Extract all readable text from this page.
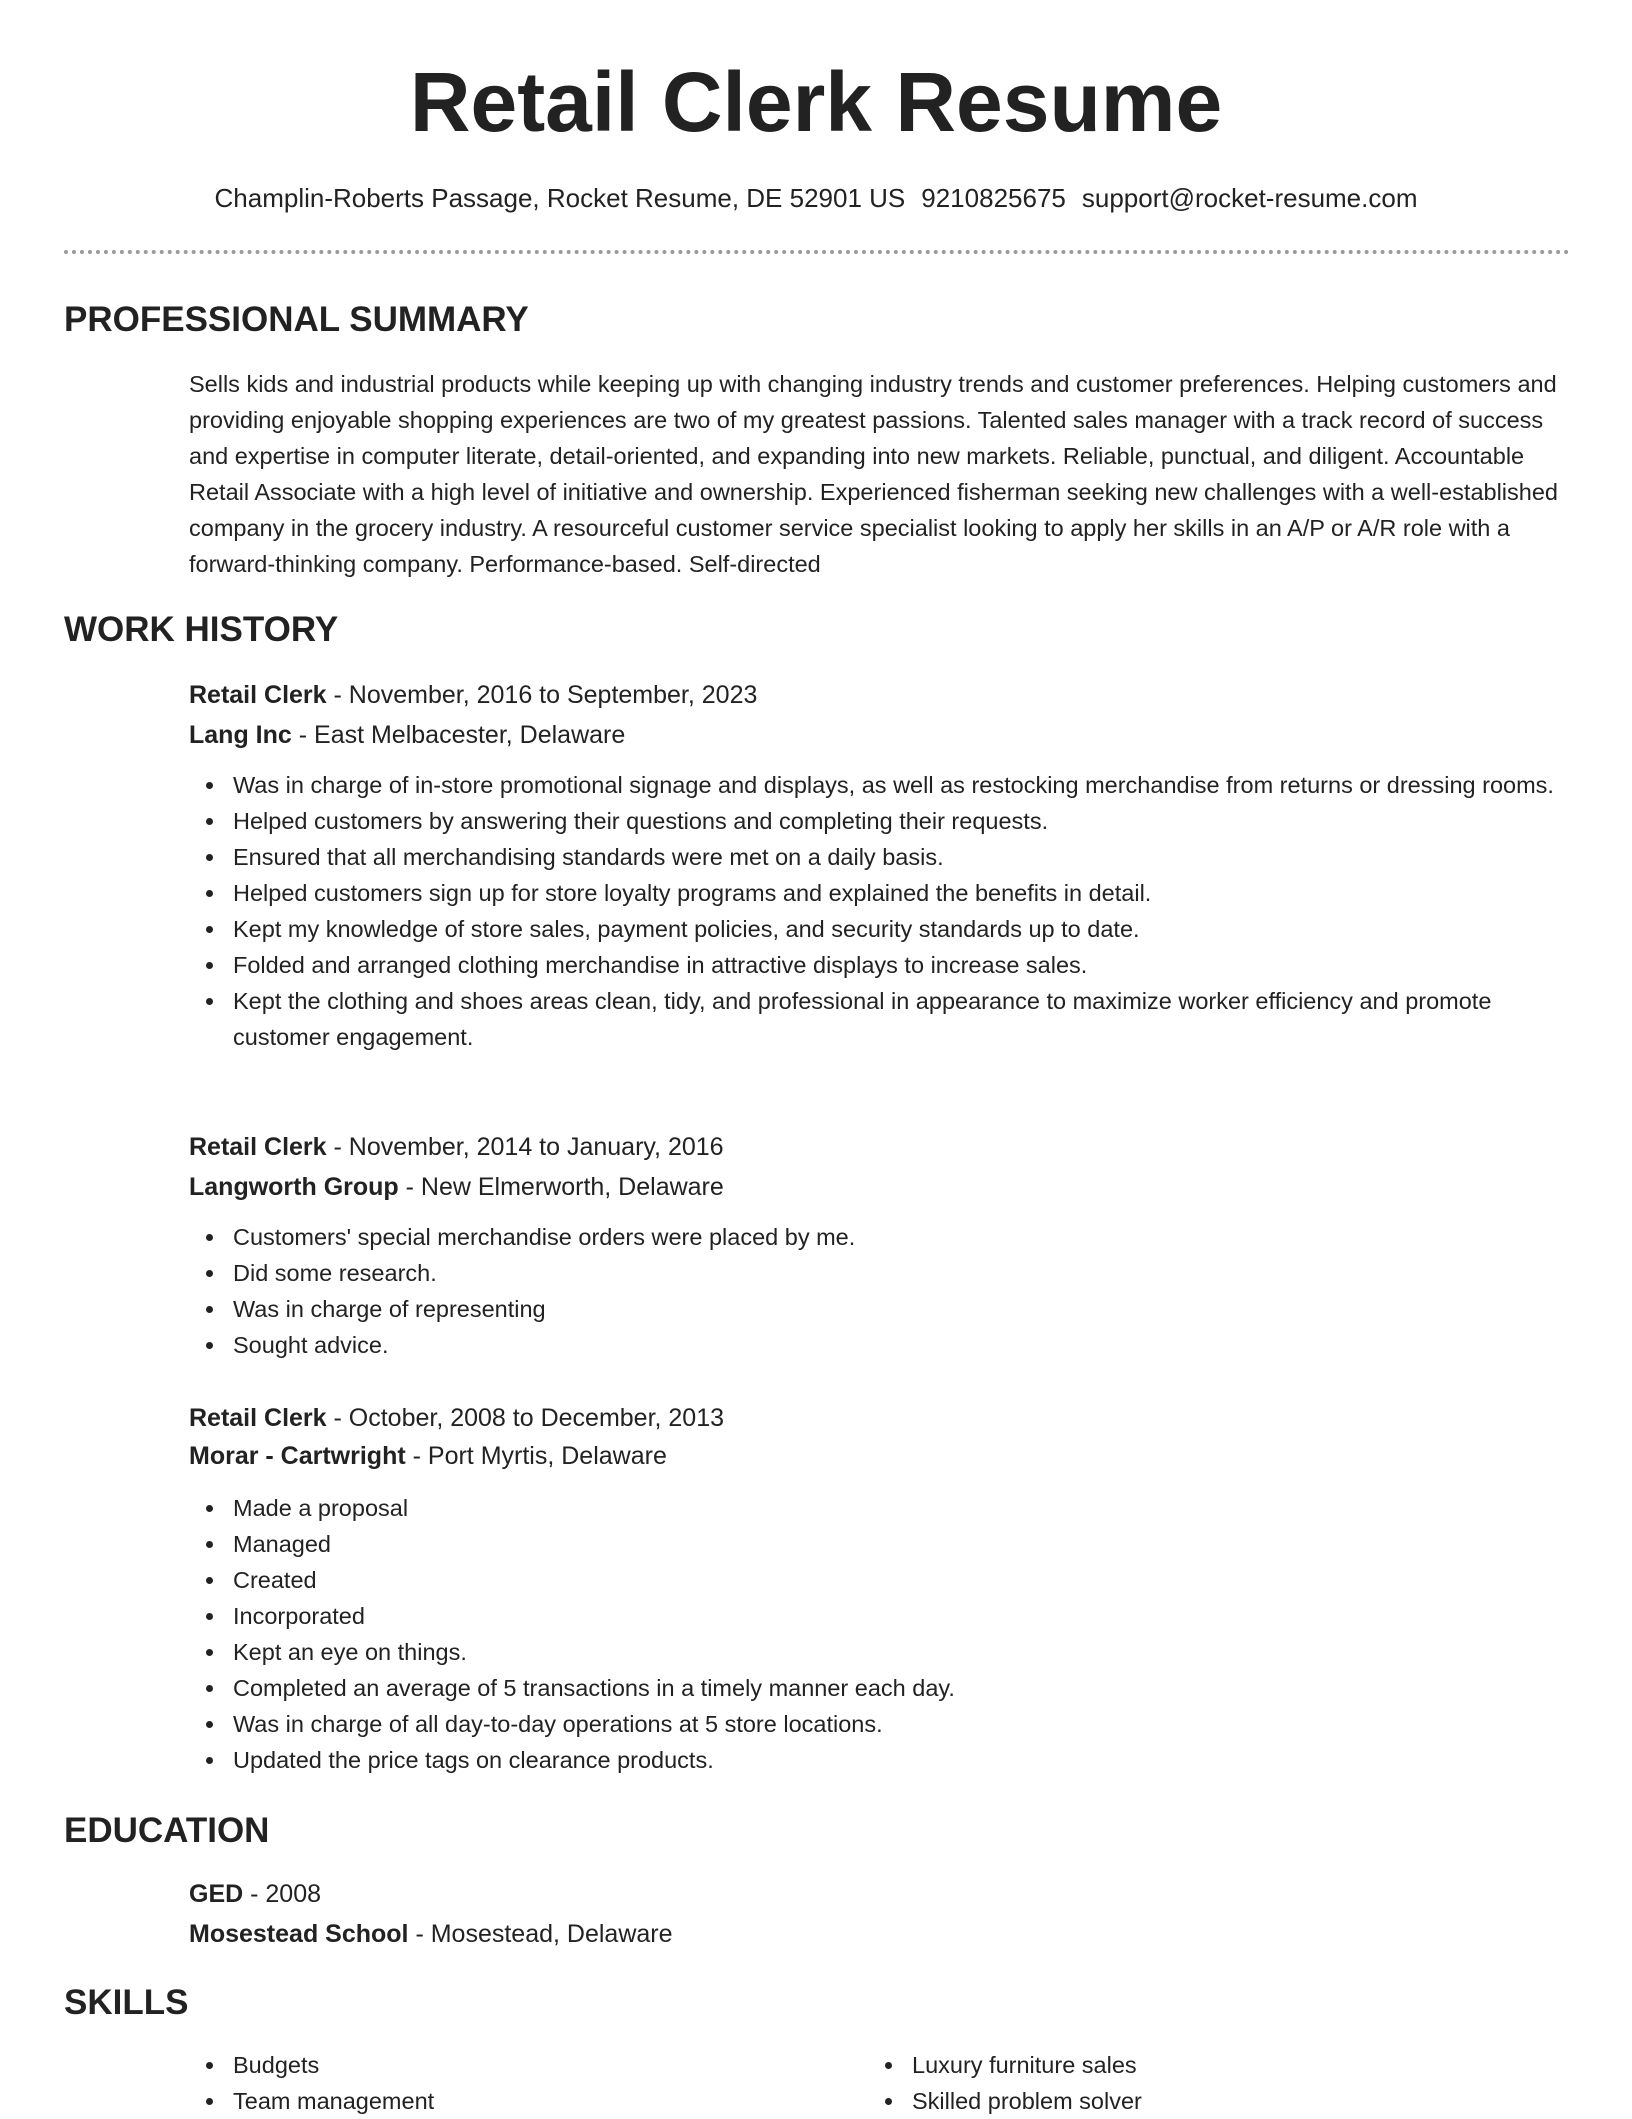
Retail Clerk Resume
Champlin-Roberts Passage, Rocket Resume, DE 52901 US 9210825675 support@rocket-resume.com
PROFESSIONAL SUMMARY

Sells kids and industrial products while keeping up with changing industry trends and customer preferences. Helping customers and providing enjoyable shopping experiences are two of my greatest passions. Talented sales manager with a track record of success and expertise in computer literate, detail-oriented, and expanding into new markets. Reliable, punctual, and diligent. Accountable Retail Associate with a high level of initiative and ownership. Experienced fisherman seeking new challenges with a well-established company in the grocery industry. A resourceful customer service specialist looking to apply her skills in an A/P or A/R role with a forward-thinking company. Performance-based. Self-directed

WORK HISTORY

Retail Clerk - November, 2016 to September, 2023

Lang Inc - East Melbacester, Delaware

Was in charge of in-store promotional signage and displays, as well as restocking merchandise from returns or dressing rooms.
Helped customers by answering their questions and completing their requests.
Ensured that all merchandising standards were met on a daily basis.
Helped customers sign up for store loyalty programs and explained the benefits in detail.
Kept my knowledge of store sales, payment policies, and security standards up to date.
Folded and arranged clothing merchandise in attractive displays to increase sales.
Kept the clothing and shoes areas clean, tidy, and professional in appearance to maximize worker efficiency and promote customer engagement.

Retail Clerk - November, 2014 to January, 2016

Langworth Group - New Elmerworth, Delaware

Customers' special merchandise orders were placed by me.
Did some research.
Was in charge of representing
Sought advice.

Retail Clerk - October, 2008 to December, 2013

Morar - Cartwright - Port Myrtis, Delaware

Made a proposal
Managed
Created
Incorporated
Kept an eye on things.
Completed an average of 5 transactions in a timely manner each day.
Was in charge of all day-to-day operations at 5 store locations.
Updated the price tags on clearance products.
EDUCATION

GED - 2008

Mosestead School - Mosestead, Delaware

SKILLS
Budgets
Team management
Luxury furniture sales
Skilled problem solver
